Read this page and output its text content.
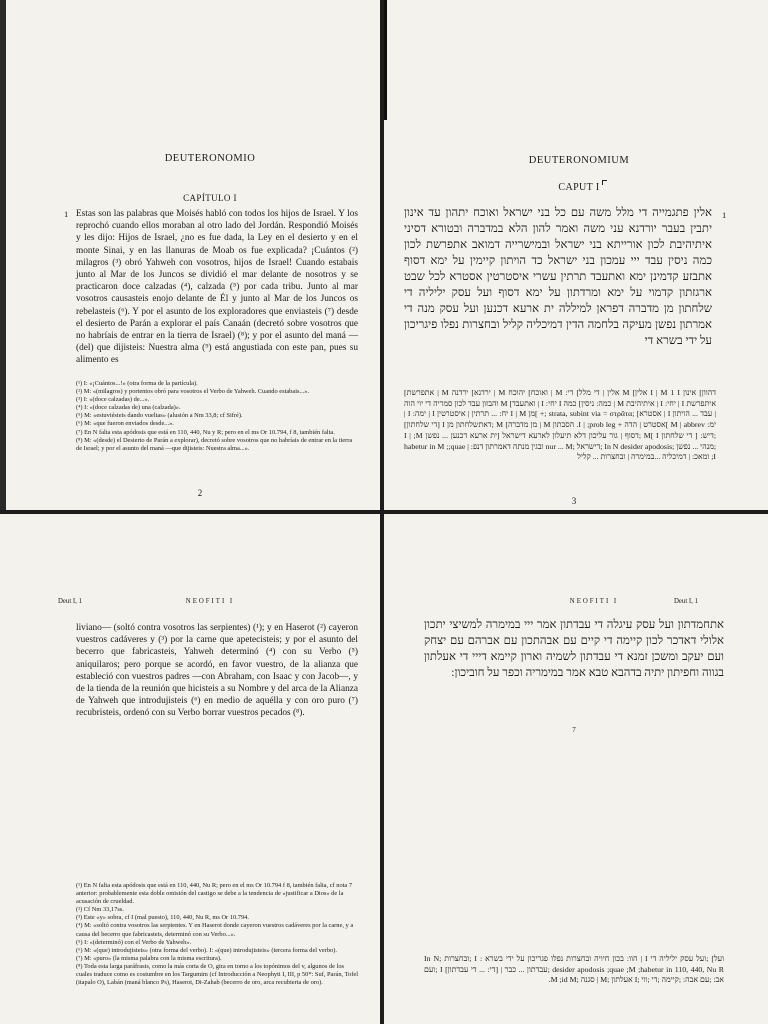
DEUTERONOMIO
CAPÍTULO I
1 Estas son las palabras que Moisés habló con todos los hijos de Israel. Y los reprochó cuando ellos moraban al otro lado del Jordán. Respondió Moisés y les dijo: Hijos de Israel, ¿no es fue dada, la Ley en el desierto y en el monte Sinai, y en las llanuras de Moab os fue explicada? ¡Cuántos (²) milagros (³) obró Yahweh con vosotros, hijos de Israel! Cuando estabais junto al Mar de los Juncos se dividió el mar delante de nosotros y se practicaron doce calzadas (⁴), calzada (⁵) por cada tribu. Junto al mar vosotros causasteis enojo delante de Él y junto al Mar de los Juncos os rebelasteis (⁶). Y por el asunto de los exploradores que enviasteis (⁷) desde el desierto de Parán a explorar el país Canaán (decretó sobre vosotros que no habríais de entrar en la tierra de Israel) (⁸); y por el asunto del maná —(del) que dijisteis: Nuestra alma (⁹) está angustiada con este pan, pues su alimento es
(¹) I: «¡Cuántos...!» (otra forma de la partícula).
(²) M: «(milagros) y portentos obró para vosotros el Verbo de Yahweh. Cuando estabais...».
(³) I: «(doce calzadas) de...».
(⁴) I: «(doce calzadas de) una (calzada)».
(⁵) M: «estuviésteis dando vueltas» (alusión a Nm 33,8; cf Sifré).
(⁶) M: «que fueron enviados desde...».
(⁷) En N falta esta apódosis que está en 110, 440, Nu y R; pero en el ms Or 10.794, f 8, también falta.
(⁸) M: «(desde) el Desierto de Parán a explorar), decretó sobre vosotros que no habríais de entrar en la tierra de Israel; y por el asunto del maná —que dijisteis: Nuestra alma...».
2
DEUTERONOMIUM
CAPUT I
1
אלין פתגמייה די מלל משה עם כל בני ישראל ואוכח יתהון עד אינון יתבין בעבר יורדנא עני משה ואמר להון הלא במדברה ובטורא דסיני איתיהיבת לכון אורייתא בני ישראל ובמישרייה דמואב אתפרשת לכון כמה ניסין עבד ייי עמכון בני ישראל כד הויתון קיימין על ימא דסוף אתבזע קדמינן ימא ואתעבד תרתין עשרי איסטרטין אסטרא לכל שבט ארגזתון קדמוי על ימא ומרדתון על ימא דסוף ועל עסק יליליה די שלחתון מן מדברה דפראן למיללה ית ארעא דכנען ועל עסק מנה די אמרתון נפשן מעיקה בלחמה הדין דמיכליה קליל ובחצרות נפלו פיגריכון על ידי בשרא די
דהוון] אינון I | M 1 I אלין] M אלין | די מלל] די: M | ואוכח] יהוכח M | ירדנא] ירדנה M | אתפרשת] איתפרשת I | יחי: I | איתיהיבת M | כמה: ניסין] כמה I יחי: I | ואתעבד] M והבזון עבד לכון סמריה די יוי הוה | עבד ... הויתון I | אסטרא] ;strata, subint via = στρᾶτα ;+ ]מן I | M יח: ... תרתין | איסטרטין I | ימה: I | ימ: M | abbrev ]אסטרט | הדה + I | ;prob leg. הסבתון M | מן מדברה] M ;דאתשלחתון מן I [די שלחתון] ;דיש: [ די שלחתון I ]M ;דסוף | גור עליכון דלא תיעלון לארעא דישראל [ית ארעא דכנען ... נפשן I | ;M ;מנהי ... נפשן ;In N desider apodosis ;דישראל ;nur ... M ובגין מנתה דאמרתון דנפ: | habetur in M ;;quae ;I ומאכ: | דמיכליה ...במימרה | ובחצרות ... קליל
3
Deut I, 1	NEOFITI I
liviano— (soltó contra vosotros las serpientes) (¹); y en Haserot (²) cayeron vuestros cadáveres y (³) por la carne que apetecisteis; y por el asunto del becerro que fabricasteis, Yahweh determinó (⁴) con su Verbo (⁵) aniquilaros; pero porque se acordó, en favor vuestro, de la alianza que estableció con vuestros padres —con Abraham, con Isaac y con Jacob—, y de la tienda de la reunión que hicisteis a su Nombre y del arca de la Alianza de Yahweh que introdujisteis (⁶) en medio de aquélla y con oro puro (⁷) recubristeis, ordenó con su Verbo borrar vuestros pecados (⁸).
(¹) En N falta esta apódosis que está en 110, 440, Nu R; pero en el ms Or 10.794 f 8, también falta, cf nota 7 anterior: probablemente esta doble omisión del castigo se debe a la tendencia de «justificar a Dios» de la acusación de crueldad.
(²) Cf Nm 33,17ss.
(³) Este «y» sobra, cf I (mal puesto), 110, 440, Nu R, ms Or 10.794.
(⁴) M: «soltó contra vosotros las serpientes. Y en Haserot donde cayeron vuestros cadáveres por la carne, y a causa del becerro que fabricasteis, determinó con su Verbo...».
(⁵) I: «(determinó) con el Verbo de Yahweh».
(⁶) M: «(que) introdujisteis» (otra forma del verbo). I: «(que) introdujisteis» (tercera forma del verbo).
(⁷) M: «puro» (la misma palabra con la misma escritura).
(⁸) Toda esta larga paráfrasis, como la más corta de O, gira en torno a los topónimos del v, algunos de los cuales traduce como es costumbre en los Targumim (cf Introducción a Neophyti I, III, p 50*: Suf, Parán, Tofel (itapalo O), Labán (maná blanco Ps), Haserot, Di-Zahab (becerro de oro, arca recubierta de oro).
NEOFITI I	Deut I, 1
אתחמדתון ועל עסק עיגלה די עבדתון אמר ייי במימרה למשיצי יתכון אלולי דאדכר לכון קיימה די קיים עם אבהתכון עם אברהם עם יצחק ועם יעקב ומשכן זמנא די עבדתון לשמיה וארון קיימא דייי די אעלתון בגווה וחפיתון יתיה בדהבא טבא אמר במימריה וכפר על חוביכון:
7
ועל] ;ועל עסק יליליה די I | הוו: בכון חיויה ובחצרות נפלו פגריכון על ידי בשרא : I ;ובחצרות ;In N desider apodosis ;quae ;M ;habetur in 110, 440, Nu R ;עבדתון ... כבר | [די: ... די עבדתון] I ;ועם אב: ;עם אבה: ;קיימה ;די ;ווי ;I אעלתון ;M | סגנה ;M ;id M.
